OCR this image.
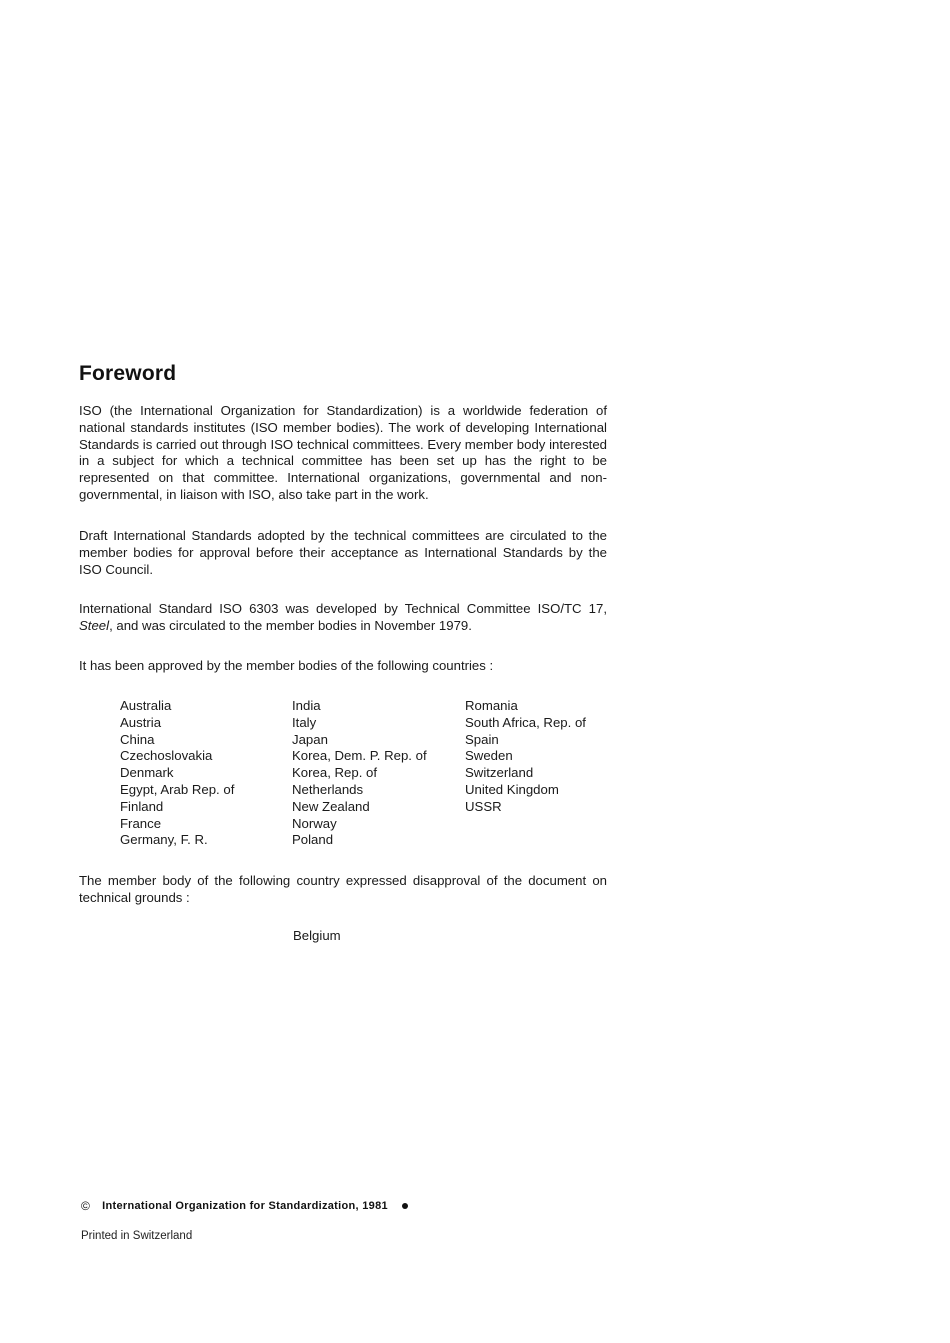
Foreword

ISO (the International Organization for Standardization) is a worldwide federation of national standards institutes (ISO member bodies). The work of developing International Standards is carried out through ISO technical committees. Every member body interested in a subject for which a technical committee has been set up has the right to be represented on that committee. International organizations, governmental and non-governmental, in liaison with ISO, also take part in the work.

Draft International Standards adopted by the technical committees are circulated to the member bodies for approval before their acceptance as International Standards by the ISO Council.

International Standard ISO 6303 was developed by Technical Committee ISO/TC 17, Steel, and was circulated to the member bodies in November 1979.

It has been approved by the member bodies of the following countries :

Australia
Austria
China
Czechoslovakia
Denmark
Egypt, Arab Rep. of
Finland
France
Germany, F. R.
India
Italy
Japan
Korea, Dem. P. Rep. of
Korea, Rep. of
Netherlands
New Zealand
Norway
Poland
Romania
South Africa, Rep. of
Spain
Sweden
Switzerland
United Kingdom
USSR

The member body of the following country expressed disapproval of the document on technical grounds :

Belgium
© International Organization for Standardization, 1981
Printed in Switzerland
